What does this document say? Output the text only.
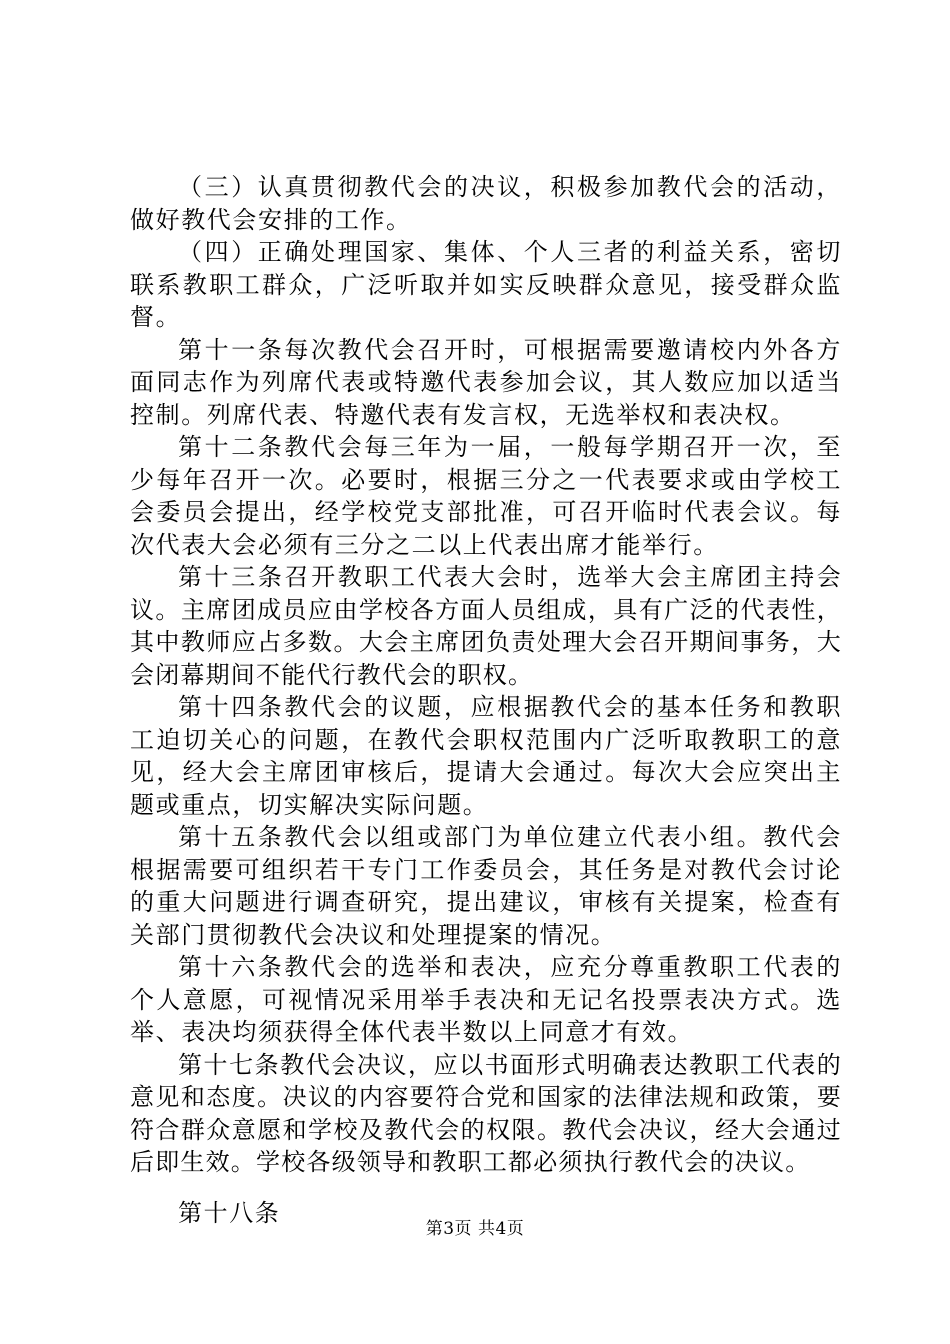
（三）认真贯彻教代会的决议，积极参加教代会的活动，做好教代会安排的工作。

（四）正确处理国家、集体、个人三者的利益关系，密切联系教职工群众，广泛听取并如实反映群众意见，接受群众监督。

第十一条每次教代会召开时，可根据需要邀请校内外各方面同志作为列席代表或特邀代表参加会议，其人数应加以适当控制。列席代表、特邀代表有发言权，无选举权和表决权。

第十二条教代会每三年为一届，一般每学期召开一次，至少每年召开一次。必要时，根据三分之一代表要求或由学校工会委员会提出，经学校党支部批准，可召开临时代表会议。每次代表大会必须有三分之二以上代表出席才能举行。

第十三条召开教职工代表大会时，选举大会主席团主持会议。主席团成员应由学校各方面人员组成，具有广泛的代表性，其中教师应占多数。大会主席团负责处理大会召开期间事务，大会闭幕期间不能代行教代会的职权。

第十四条教代会的议题，应根据教代会的基本任务和教职工迫切关心的问题，在教代会职权范围内广泛听取教职工的意见，经大会主席团审核后，提请大会通过。每次大会应突出主题或重点，切实解决实际问题。

第十五条教代会以组或部门为单位建立代表小组。教代会根据需要可组织若干专门工作委员会，其任务是对教代会讨论的重大问题进行调查研究，提出建议，审核有关提案，检查有关部门贯彻教代会决议和处理提案的情况。

第十六条教代会的选举和表决，应充分尊重教职工代表的个人意愿，可视情况采用举手表决和无记名投票表决方式。选举、表决均须获得全体代表半数以上同意才有效。

第十七条教代会决议，应以书面形式明确表达教职工代表的意见和态度。决议的内容要符合党和国家的法律法规和政策，要符合群众意愿和学校及教代会的权限。教代会决议，经大会通过后即生效。学校各级领导和教职工都必须执行教代会的决议。

第十八条

第3页 共4页
